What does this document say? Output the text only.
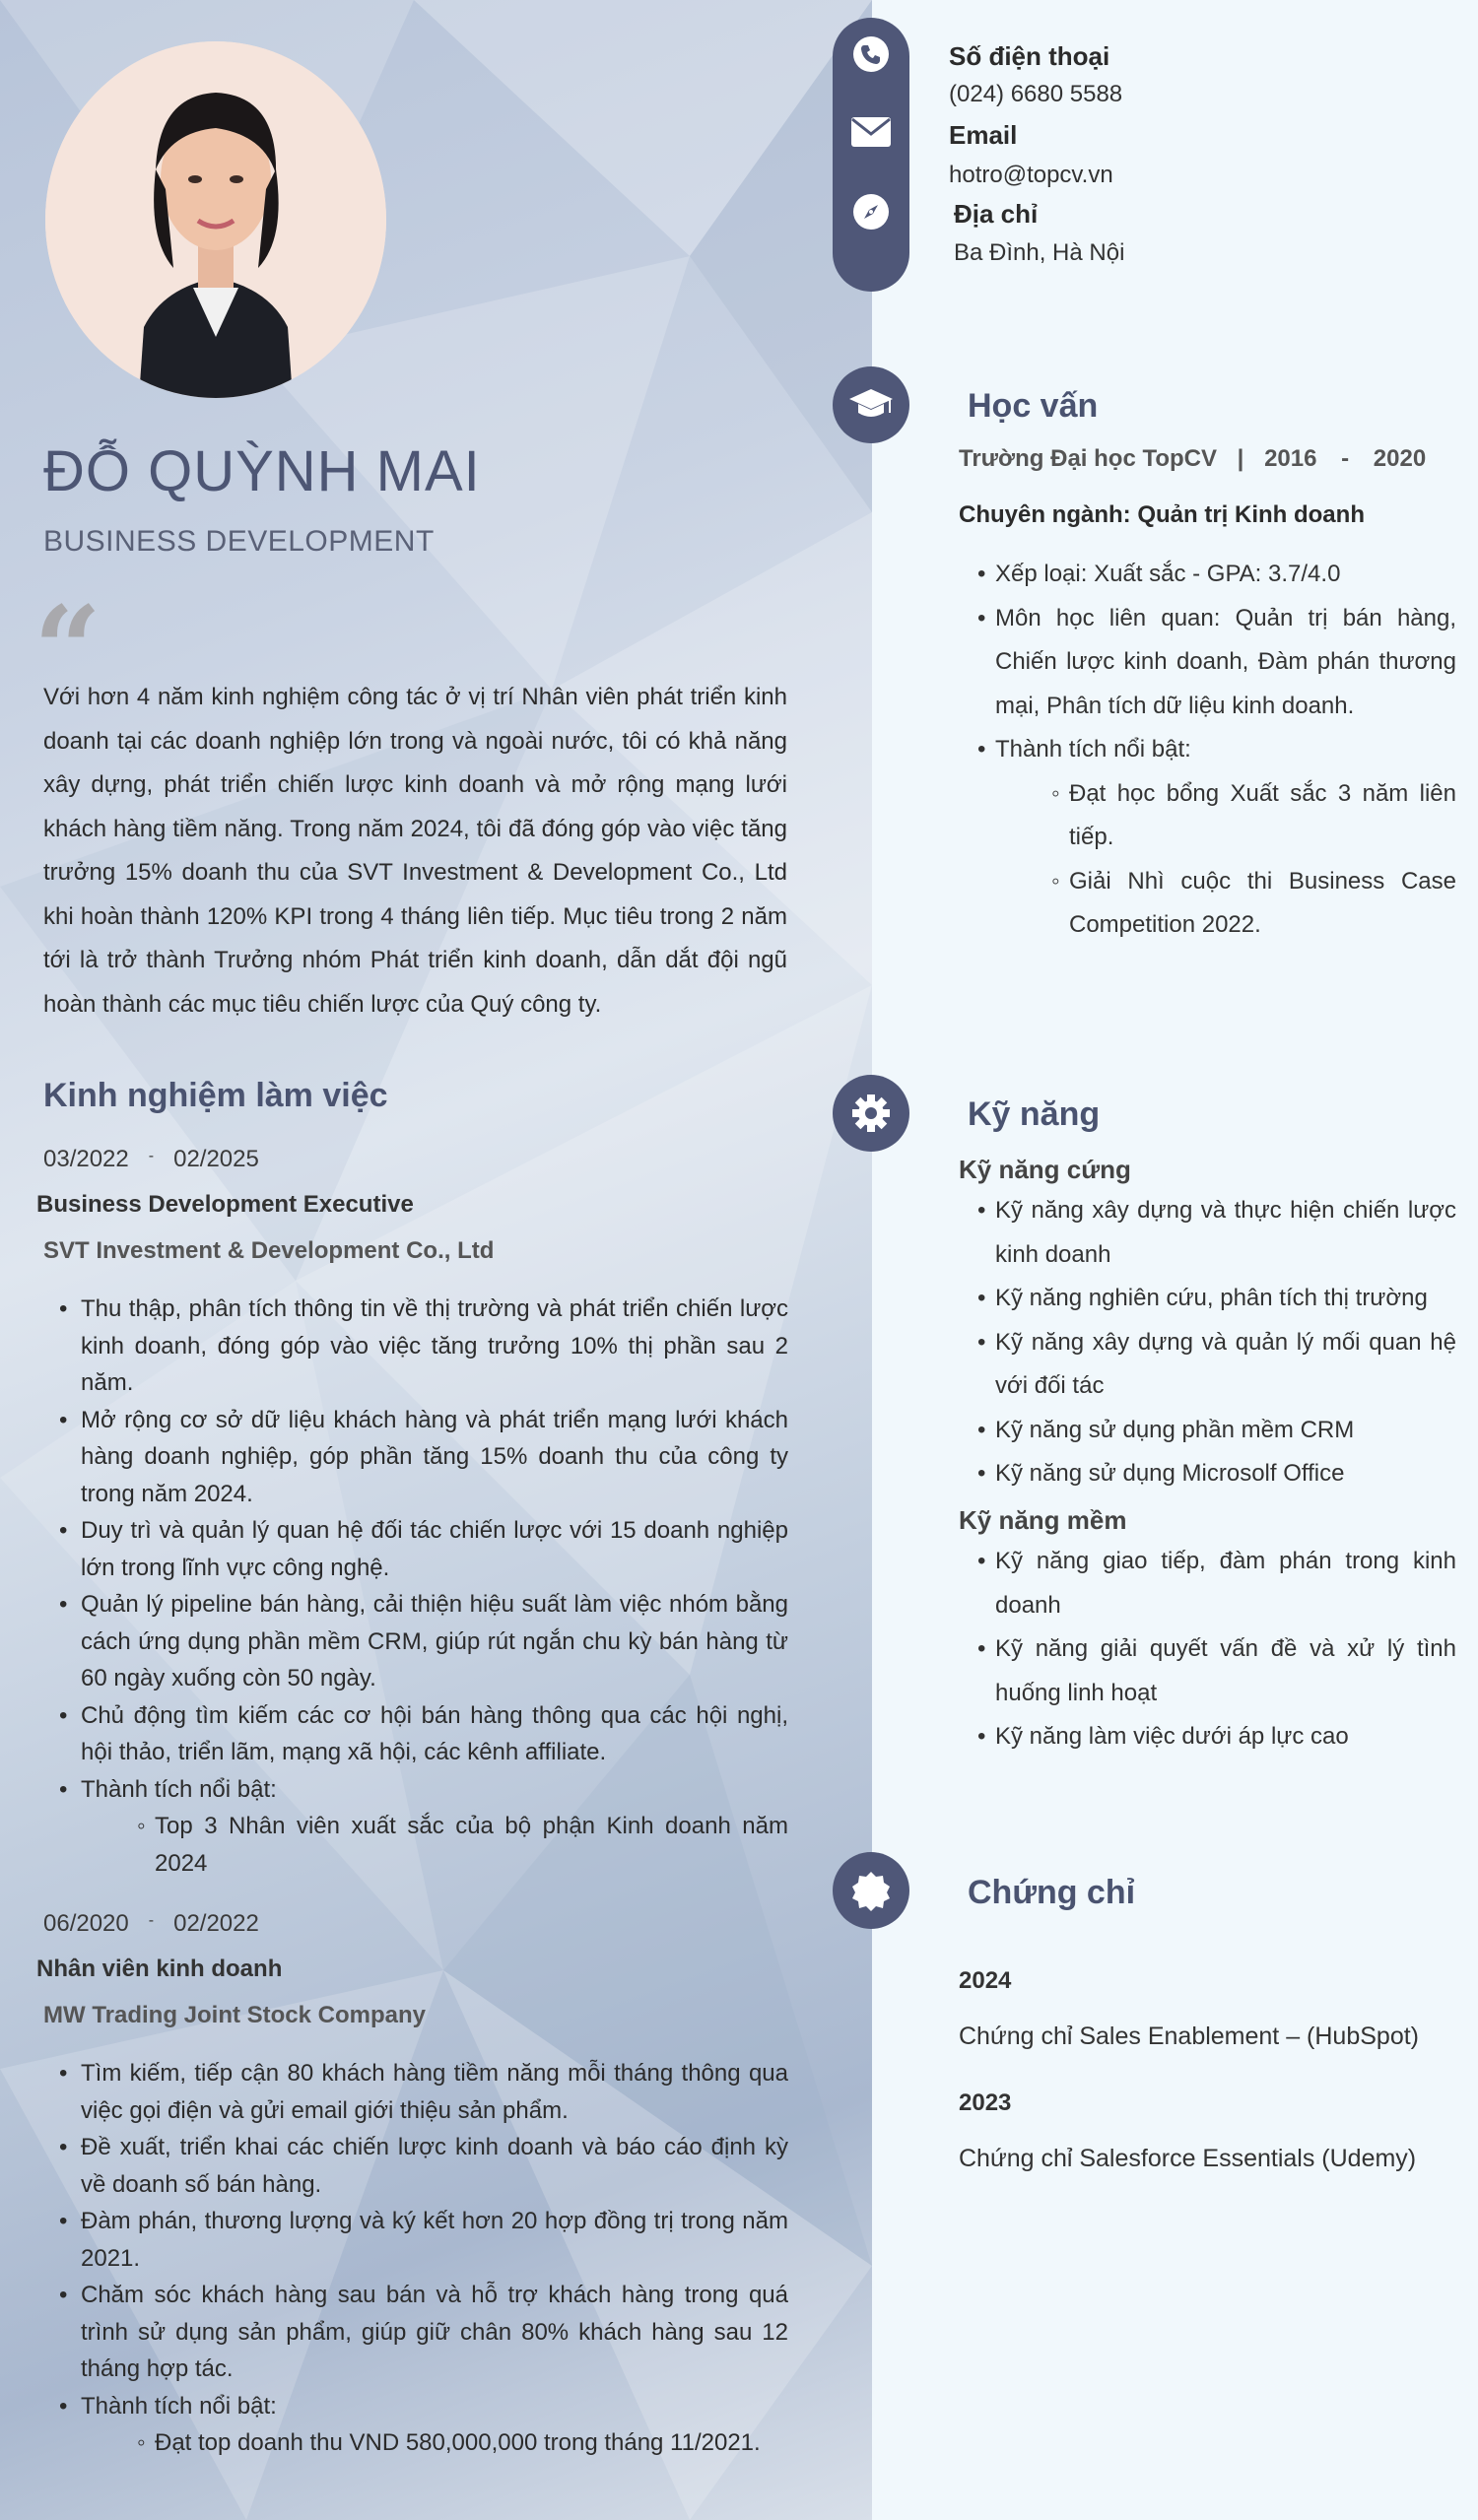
ĐỖ QUỲNH MAI
BUSINESS DEVELOPMENT
“
Với hơn 4 năm kinh nghiệm công tác ở vị trí Nhân viên phát triển kinh doanh tại các doanh nghiệp lớn trong và ngoài nước, tôi có khả năng xây dựng, phát triển chiến lược kinh doanh và mở rộng mạng lưới khách hàng tiềm năng. Trong năm 2024, tôi đã đóng góp vào việc tăng trưởng 15% doanh thu của SVT Investment & Development Co., Ltd khi hoàn thành 120% KPI trong 4 tháng liên tiếp. Mục tiêu trong 2 năm tới là trở thành Trưởng nhóm Phát triển kinh doanh, dẫn dắt đội ngũ hoàn thành các mục tiêu chiến lược của Quý công ty.
Kinh nghiệm làm việc
03/2022 - 02/2025
Business Development Executive
SVT Investment & Development Co., Ltd
• Thu thập, phân tích thông tin về thị trường và phát triển chiến lược kinh doanh, đóng góp vào việc tăng trưởng 10% thị phần sau 2 năm.
• Mở rộng cơ sở dữ liệu khách hàng và phát triển mạng lưới khách hàng doanh nghiệp, góp phần tăng 15% doanh thu của công ty trong năm 2024.
• Duy trì và quản lý quan hệ đối tác chiến lược với 15 doanh nghiệp lớn trong lĩnh vực công nghệ.
• Quản lý pipeline bán hàng, cải thiện hiệu suất làm việc nhóm bằng cách ứng dụng phần mềm CRM, giúp rút ngắn chu kỳ bán hàng từ 60 ngày xuống còn 50 ngày.
• Chủ động tìm kiếm các cơ hội bán hàng thông qua các hội nghị, hội thảo, triển lãm, mạng xã hội, các kênh affiliate.
• Thành tích nổi bật:
◦ Top 3 Nhân viên xuất sắc của bộ phận Kinh doanh năm 2024
06/2020 - 02/2022
Nhân viên kinh doanh
MW Trading Joint Stock Company
• Tìm kiếm, tiếp cận 80 khách hàng tiềm năng mỗi tháng thông qua việc gọi điện và gửi email giới thiệu sản phẩm.
• Đề xuất, triển khai các chiến lược kinh doanh và báo cáo định kỳ về doanh số bán hàng.
• Đàm phán, thương lượng và ký kết hơn 20 hợp đồng trị trong năm 2021.
• Chăm sóc khách hàng sau bán và hỗ trợ khách hàng trong quá trình sử dụng sản phẩm, giúp giữ chân 80% khách hàng sau 12 tháng hợp tác.
• Thành tích nổi bật:
◦ Đạt top doanh thu VND 580,000,000 trong tháng 11/2021.
Số điện thoại
(024) 6680 5588
Email
hotro@topcv.vn
Địa chỉ
Ba Đình, Hà Nội
Học vấn
Trường Đại học TopCV | 2016 - 2020
Chuyên ngành: Quản trị Kinh doanh
• Xếp loại: Xuất sắc - GPA: 3.7/4.0
• Môn học liên quan: Quản trị bán hàng, Chiến lược kinh doanh, Đàm phán thương mại, Phân tích dữ liệu kinh doanh.
• Thành tích nổi bật:
◦ Đạt học bổng Xuất sắc 3 năm liên tiếp.
◦ Giải Nhì cuộc thi Business Case Competition 2022.
Kỹ năng
Kỹ năng cứng
• Kỹ năng xây dựng và thực hiện chiến lược kinh doanh
• Kỹ năng nghiên cứu, phân tích thị trường
• Kỹ năng xây dựng và quản lý mối quan hệ với đối tác
• Kỹ năng sử dụng phần mềm CRM
• Kỹ năng sử dụng Microsolf Office
Kỹ năng mềm
• Kỹ năng giao tiếp, đàm phán trong kinh doanh
• Kỹ năng giải quyết vấn đề và xử lý tình huống linh hoạt
• Kỹ năng làm việc dưới áp lực cao
Chứng chỉ
2024
Chứng chỉ Sales Enablement – (HubSpot)
2023
Chứng chỉ Salesforce Essentials (Udemy)
